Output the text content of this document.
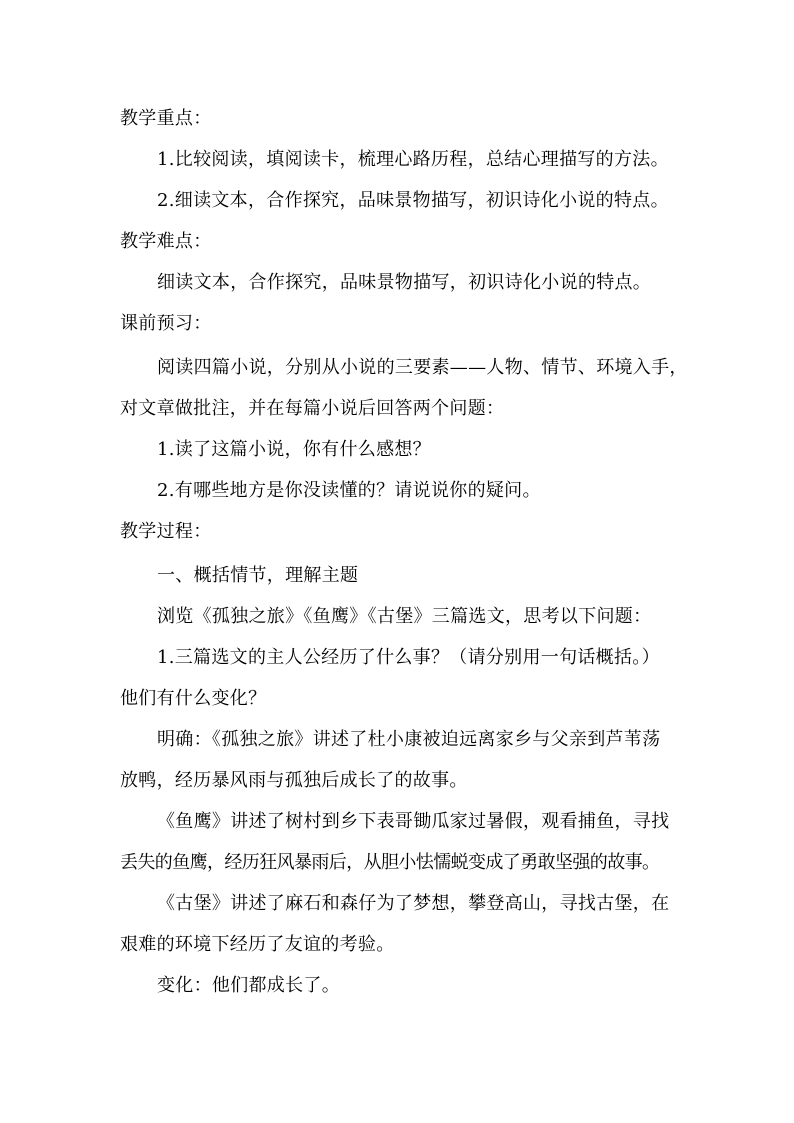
教学重点：
1.比较阅读，填阅读卡，梳理心路历程，总结心理描写的方法。
2.细读文本，合作探究，品味景物描写，初识诗化小说的特点。
教学难点：
细读文本，合作探究，品味景物描写，初识诗化小说的特点。
课前预习：
阅读四篇小说，分别从小说的三要素——人物、情节、环境入手，
对文章做批注，并在每篇小说后回答两个问题：
1.读了这篇小说，你有什么感想？
2.有哪些地方是你没读懂的？请说说你的疑问。
教学过程：
一、概括情节，理解主题
浏览《孤独之旅》《鱼鹰》《古堡》三篇选文，思考以下问题：
1.三篇选文的主人公经历了什么事？（请分别用一句话概括。）
他们有什么变化？
明确：《孤独之旅》讲述了杜小康被迫远离家乡与父亲到芦苇荡
放鸭，经历暴风雨与孤独后成长了的故事。
《鱼鹰》讲述了树村到乡下表哥锄瓜家过暑假，观看捕鱼，寻找
丢失的鱼鹰，经历狂风暴雨后，从胆小怯懦蜕变成了勇敢坚强的故事。
《古堡》讲述了麻石和森仔为了梦想，攀登高山，寻找古堡，在
艰难的环境下经历了友谊的考验。
变化：他们都成长了。
